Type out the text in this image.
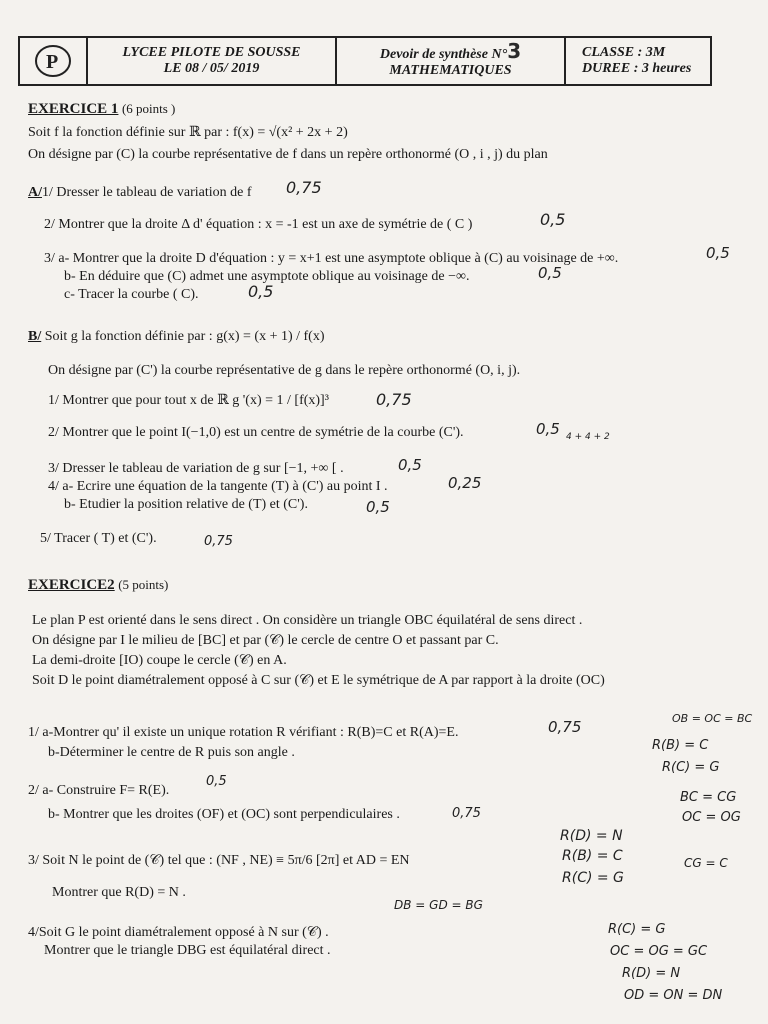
P	LYCEE PILOTE DE SOUSSE
LE 08 / 05/ 2019
Devoir de synthèse N°3
MATHEMATIQUES
CLASSE : 3M
DUREE : 3 heures
EXERCICE 1 (6 points )
Soit f la fonction définie sur ℝ par : f(x) = √(x² + 2x + 2)
On désigne par (C) la courbe représentative de f dans un repère orthonormé (O , i , j) du plan
A/1/ Dresser le tableau de variation de f 0,75
2/ Montrer que la droite Δ d' équation : x = -1 est un axe de symétrie de ( C )	0,5
3/ a- Montrer que la droite D d'équation : y = x+1 est une asymptote oblique à (C) au voisinage de +∞.	0,5
b- En déduire que (C) admet une asymptote oblique au voisinage de −∞.	0,5
c- Tracer la courbe ( C).	0,5
B/ Soit g la fonction définie par : g(x) = (x + 1) / f(x)
On désigne par (C') la courbe représentative de g dans le repère orthonormé (O, i, j).
1/ Montrer que pour tout x de ℝ g '(x) = 1 / [f(x)]³	0,75
2/ Montrer que le point I(−1,0) est un centre de symétrie de la courbe (C').	0,5 4 + 4 + 2
3/ Dresser le tableau de variation de g sur [−1, +∞ [ .	0,5
4/ a- Ecrire une équation de la tangente (T) à (C') au point I .	0,25
b- Etudier la position relative de (T) et (C').	0,5
5/ Tracer ( T) et (C').	0,75
EXERCICE2 (5 points)
Le plan P est orienté dans le sens direct . On considère un triangle OBC équilatéral de sens direct .
On désigne par I le milieu de [BC] et par (𝒞) le cercle de centre O et passant par C.
La demi-droite [IO) coupe le cercle (𝒞) en A.
Soit D le point diamétralement opposé à C sur (𝒞) et E le symétrique de A par rapport à la droite (OC)
1/ a-Montrer qu' il existe un unique rotation R vérifiant : R(B)=C et R(A)=E.	0,75
b-Déterminer le centre de R puis son angle .	R(B) = C
R(C) = G
2/ a- Construire F= R(E).
0,5
b- Montrer que les droites (OF) et (OC) sont perpendiculaires .	0,75
R(D) = N
R(B) = C
R(C) = G
OC = OG
BC = CG
CG = C
OB = OC = BC
3/ Soit N le point de (𝒞) tel que : (NF , NE) ≡ 5π/6 [2π] et AD = EN
Montrer que R(D) = N .
DB = GD = BG
4/Soit G le point diamétralement opposé à N sur (𝒞) .
Montrer que le triangle DBG est équilatéral direct .
R(C) = G
OC = OG = GC
R(D) = N
OD = ON = DN
